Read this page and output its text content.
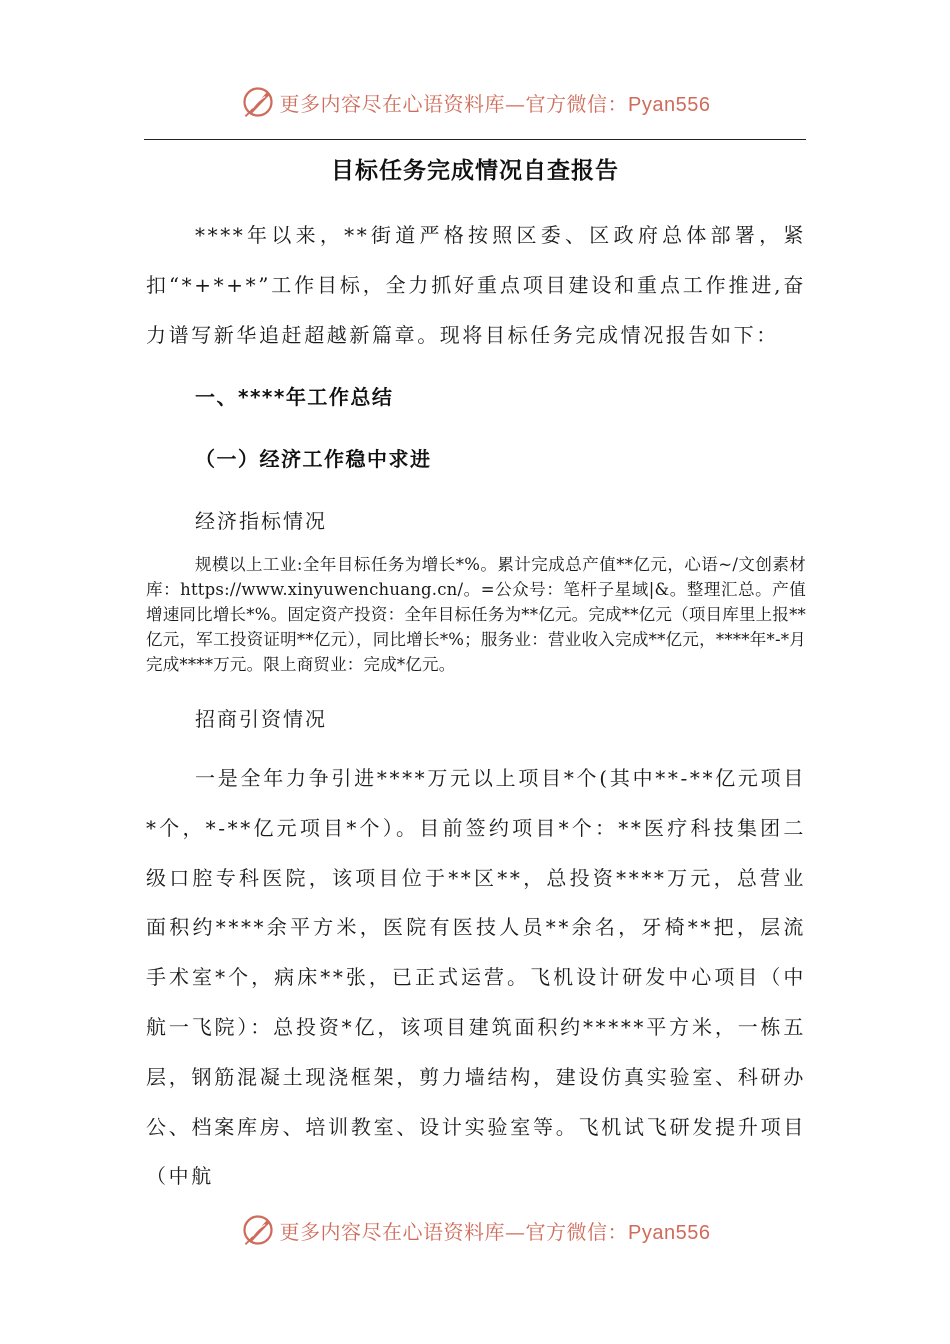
更多内容尽在心语资料库—官方微信：Pyan556
目标任务完成情况自查报告

****年以来，**街道严格按照区委、区政府总体部署，紧扣“*+*+*”工作目标，全力抓好重点项目建设和重点工作推进,奋力谱写新华追赶超越新篇章。现将目标任务完成情况报告如下：

一、****年工作总结
（一）经济工作稳中求进
经济指标情况

规模以上工业:全年目标任务为增长*%。累计完成总产值**亿元，心语~/文创素材库：https://www.xinyuwenchuang.cn/。=公众号：笔杆子星域|&。整理汇总。产值增速同比增长*%。固定资产投资：全年目标任务为**亿元。完成**亿元（项目库里上报**亿元，军工投资证明**亿元），同比增长*%；服务业：营业收入完成**亿元，****年*-*月完成****万元。限上商贸业：完成*亿元。

招商引资情况

一是全年力争引进****万元以上项目*个(其中**-**亿元项目*个，*-**亿元项目*个）。目前签约项目*个：**医疗科技集团二级口腔专科医院，该项目位于**区**，总投资****万元，总营业面积约****余平方米，医院有医技人员**余名，牙椅**把，层流手术室*个，病床**张，已正式运营。飞机设计研发中心项目（中航一飞院）：总投资*亿，该项目建筑面积约*****平方米，一栋五层，钢筋混凝土现浇框架，剪力墙结构，建设仿真实验室、科研办公、档案库房、培训教室、设计实验室等。飞机试飞研发提升项目（中航

更多内容尽在心语资料库—官方微信：Pyan556
